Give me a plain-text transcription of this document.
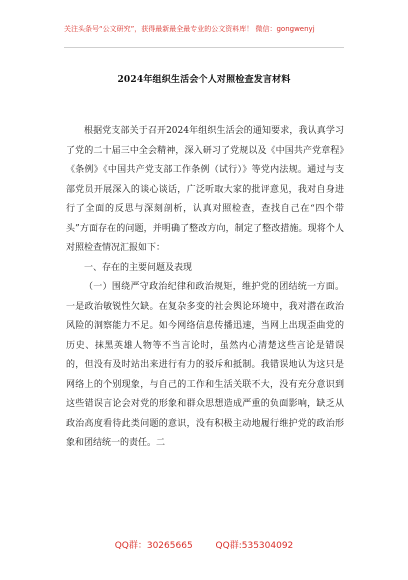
关注头条号“公文研究”，获得最新最全最专业的公文资料库！ 微信：gongwenyj
2024年组织生活会个人对照检查发言材料

根据党支部关于召开2024年组织生活会的通知要求，我认真学习了党的二十届三中全会精神，深入研习了党规以及《中国共产党章程》《条例》《中国共产党支部工作条例（试行）》等党内法规。通过与支部党员开展深入的谈心谈话，广泛听取大家的批评意见，我对自身进行了全面的反思与深刻剖析，认真对照检查，查找自己在“四个带头”方面存在的问题，并明确了整改方向，制定了整改措施。现将个人对照检查情况汇报如下：

一、存在的主要问题及表现

（一）围绕严守政治纪律和政治规矩，维护党的团结统一方面。一是政治敏锐性欠缺。在复杂多变的社会舆论环境中，我对潜在政治风险的洞察能力不足。如今网络信息传播迅速，当网上出现歪曲党的历史、抹黑英雄人物等不当言论时，虽然内心清楚这些言论是错误的，但没有及时站出来进行有力的驳斥和抵制。我错误地认为这只是网络上的个别现象，与自己的工作和生活关联不大，没有充分意识到这些错误言论会对党的形象和群众思想造成严重的负面影响，缺乏从政治高度看待此类问题的意识，没有积极主动地履行维护党的政治形象和团结统一的责任。二

QQ群：30265665	QQ群:535304092
